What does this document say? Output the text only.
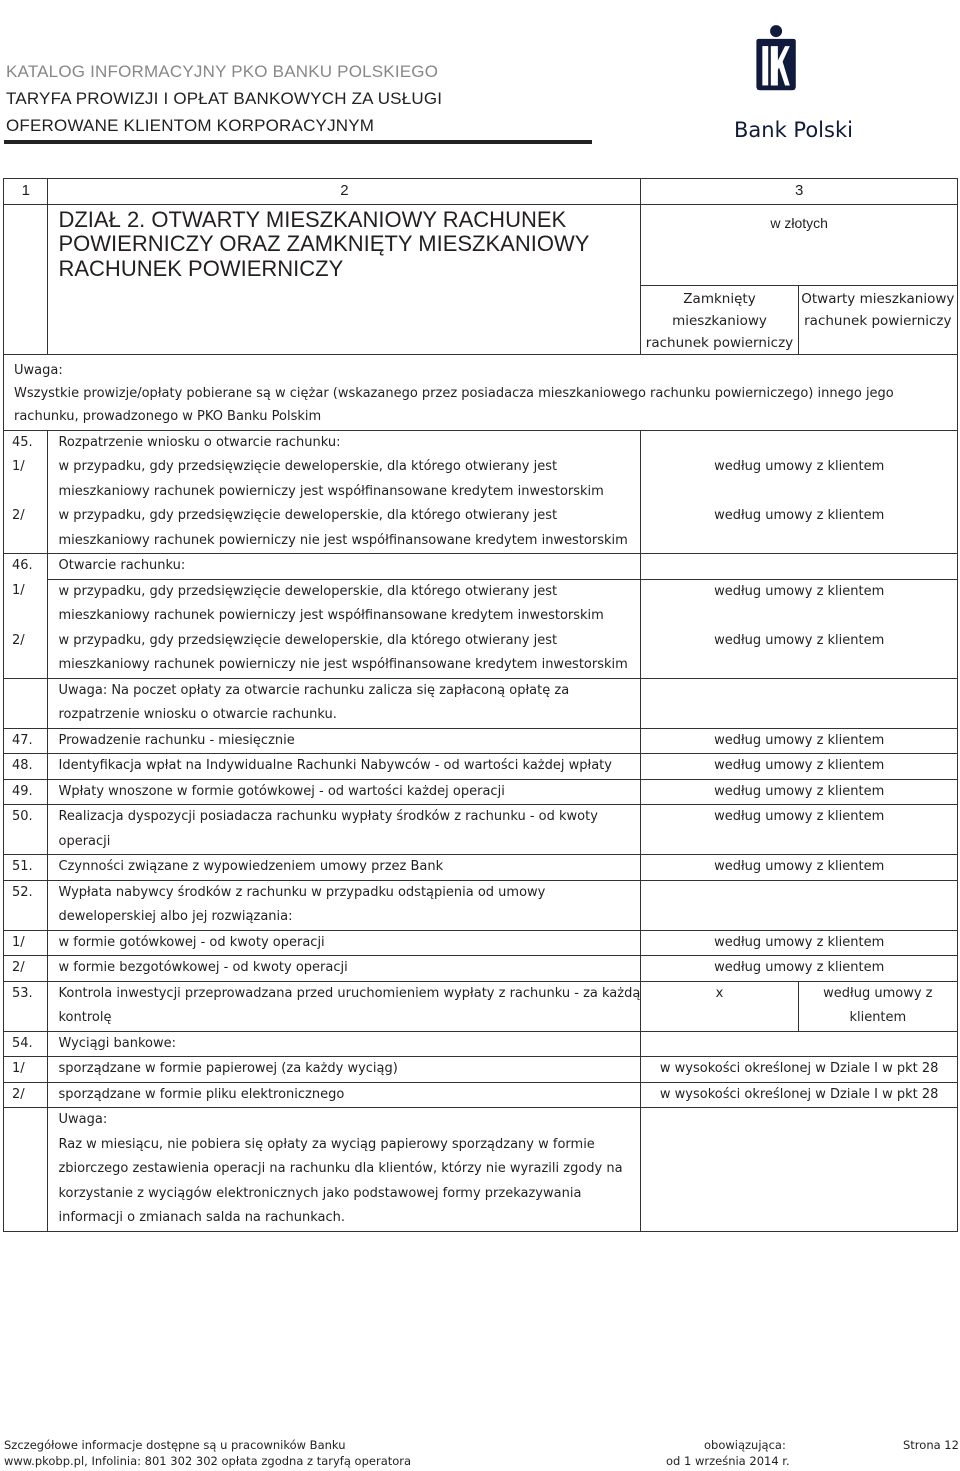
KATALOG INFORMACYJNY PKO BANKU POLSKIEGO
TARYFA PROWIZJI I OPŁAT BANKOWYCH ZA USŁUGI
OFEROWANE KLIENTOM KORPORACYJNYM	Bank Polski
1	2	3	
	DZIAŁ 2. OTWARTY MIESZKANIOWY RACHUNEK POWIERNICZY ORAZ ZAMKNIĘTY MIESZKANIOWY RACHUNEK POWIERNICZY	w złotych	
		Zamknięty mieszkaniowy rachunek powierniczy	Otwarty mieszkaniowy rachunek powierniczy

Uwaga:
Wszystkie prowizje/opłaty pobierane są w ciężar (wskazanego przez posiadacza mieszkaniowego rachunku powierniczego) innego jego rachunku, prowadzonego w PKO Banku Polskim			

45.	Rozpatrzenie wniosku o otwarcie rachunku:		
1/	w przypadku, gdy przedsięwzięcie deweloperskie, dla którego otwierany jest mieszkaniowy rachunek powierniczy jest współfinansowane kredytem inwestorskim	według umowy z klientem	
2/	w przypadku, gdy przedsięwzięcie deweloperskie, dla którego otwierany jest mieszkaniowy rachunek powierniczy nie jest współfinansowane kredytem inwestorskim	według umowy z klientem	
46.	Otwarcie rachunku:		
1/	w przypadku, gdy przedsięwzięcie deweloperskie, dla którego otwierany jest mieszkaniowy rachunek powierniczy jest współfinansowane kredytem inwestorskim	według umowy z klientem	
2/	w przypadku, gdy przedsięwzięcie deweloperskie, dla którego otwierany jest mieszkaniowy rachunek powierniczy nie jest współfinansowane kredytem inwestorskim	według umowy z klientem	
	Uwaga: Na poczet opłaty za otwarcie rachunku zalicza się zapłaconą opłatę za rozpatrzenie wniosku o otwarcie rachunku.		
47.	Prowadzenie rachunku - miesięcznie	według umowy z klientem	
48.	Identyfikacja wpłat na Indywidualne Rachunki Nabywców - od wartości każdej wpłaty	według umowy z klientem	
49.	Wpłaty wnoszone w formie gotówkowej - od wartości każdej operacji	według umowy z klientem	
50.	Realizacja dyspozycji posiadacza rachunku wypłaty środków z rachunku - od kwoty operacji	według umowy z klientem	
51.	Czynności związane z wypowiedzeniem umowy przez Bank	według umowy z klientem	
52.	Wypłata nabywcy środków z rachunku w przypadku odstąpienia od umowy deweloperskiej albo jej rozwiązania:		
1/	w formie gotówkowej - od kwoty operacji	według umowy z klientem	
2/	w formie bezgotówkowej - od kwoty operacji	według umowy z klientem	
53.	Kontrola inwestycji przeprowadzana przed uruchomieniem wypłaty z rachunku - za każdą kontrolę	x	według umowy z klientem
54.	Wyciągi bankowe:		
1/	sporządzane w formie papierowej (za każdy wyciąg)	w wysokości określonej w Dziale I w pkt 28	
2/	sporządzane w formie pliku elektronicznego	w wysokości określonej w Dziale I w pkt 28	

	Uwaga:
Raz w miesiącu, nie pobiera się opłaty za wyciąg papierowy sporządzany w formie zbiorczego zestawienia operacji na rachunku dla klientów, którzy nie wyrazili zgody na korzystanie z wyciągów elektronicznych jako podstawowej formy przekazywania informacji o zmianach salda na rachunkach.		

Szczegółowe informacje dostępne są u pracowników Banku
www.pkobp.pl, Infolinia: 801 302 302 opłata zgodna z taryfą operatora
obowiązująca:
od 1 września 2014 r.
Strona 12
